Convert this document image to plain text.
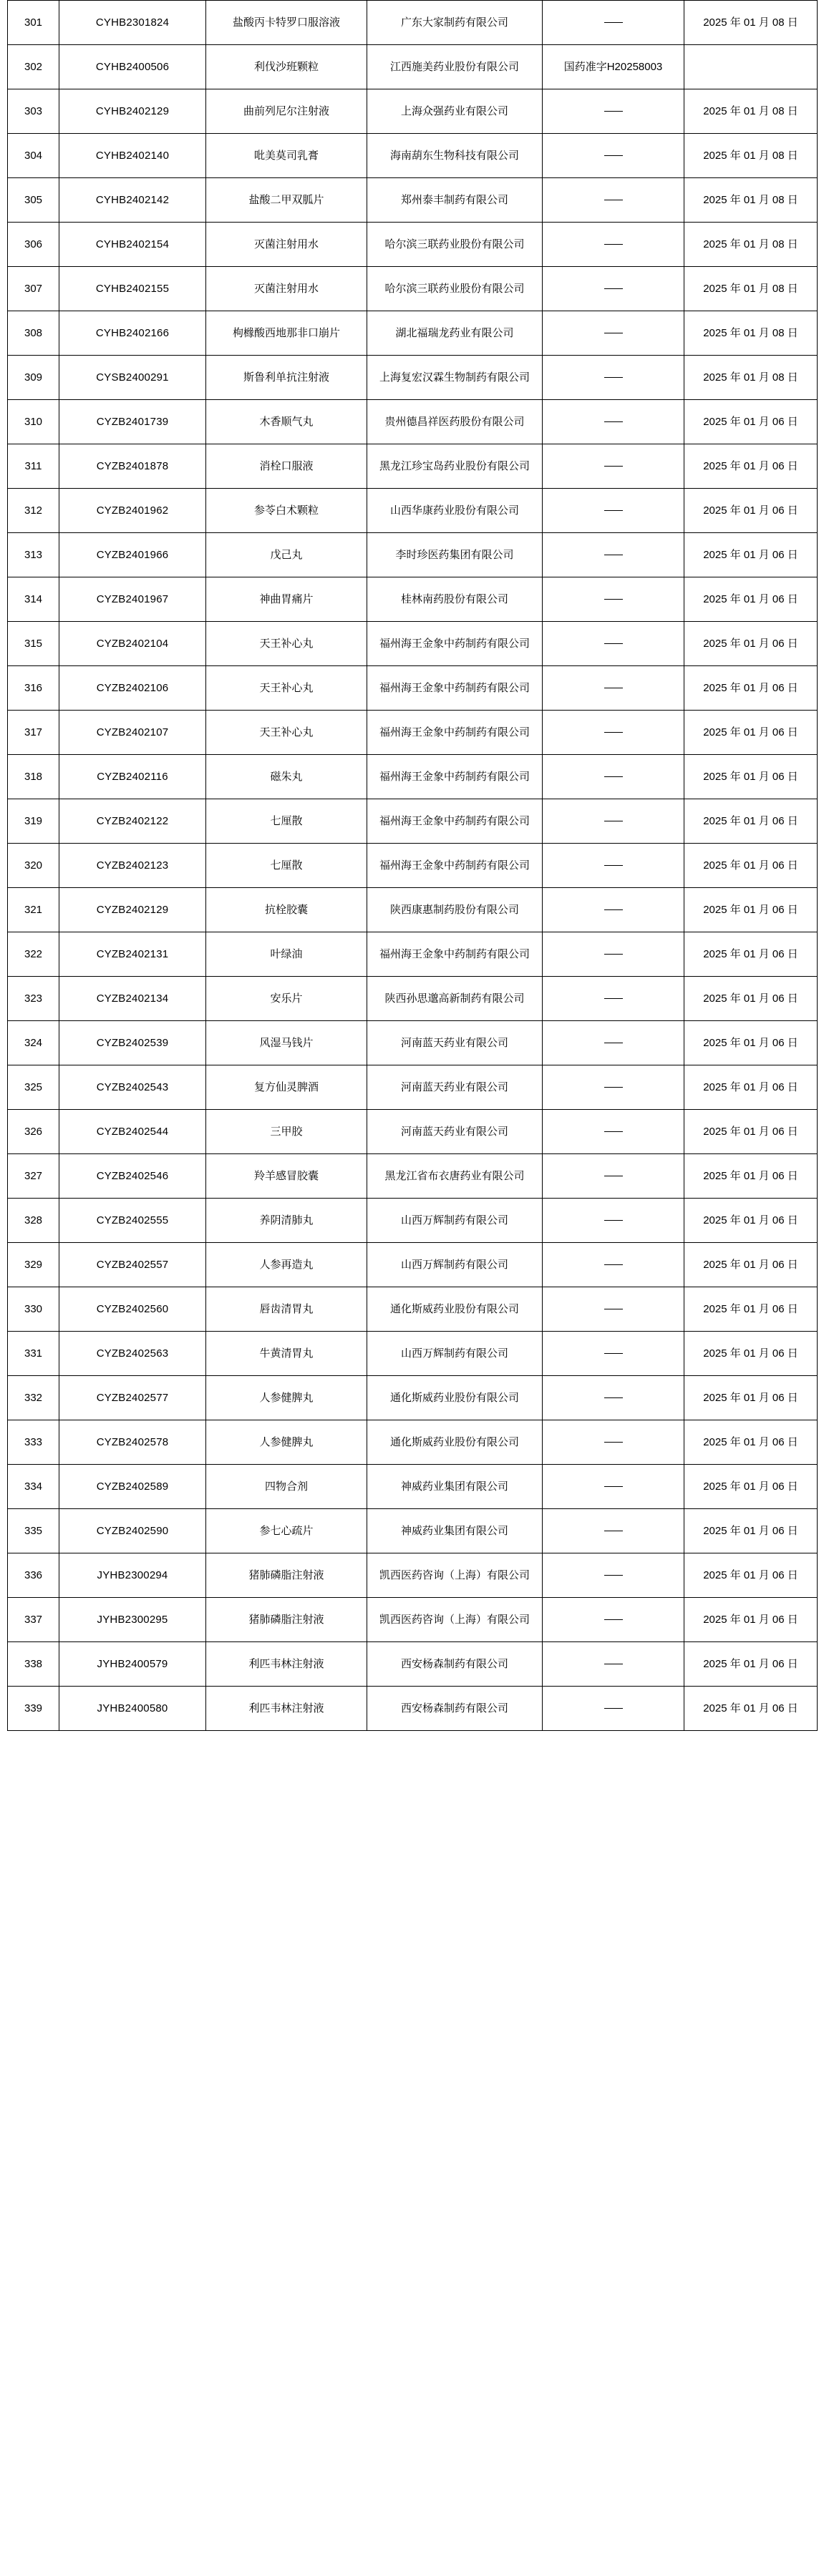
301	CYHB2301824	盐酸丙卡特罗口服溶液	广东大家制药有限公司		2025 年 01 月 08 日
302	CYHB2400506	利伐沙班颗粒	江西施美药业股份有限公司	国药准字H20258003	
303	CYHB2402129	曲前列尼尔注射液	上海众强药业有限公司		2025 年 01 月 08 日
304	CYHB2402140	吡美莫司乳膏	海南葫东生物科技有限公司		2025 年 01 月 08 日
305	CYHB2402142	盐酸二甲双胍片	郑州泰丰制药有限公司		2025 年 01 月 08 日
306	CYHB2402154	灭菌注射用水	哈尔滨三联药业股份有限公司		2025 年 01 月 08 日
307	CYHB2402155	灭菌注射用水	哈尔滨三联药业股份有限公司		2025 年 01 月 08 日
308	CYHB2402166	枸橼酸西地那非口崩片	湖北福瑞龙药业有限公司		2025 年 01 月 08 日
309	CYSB2400291	斯鲁利单抗注射液	上海复宏汉霖生物制药有限公司		2025 年 01 月 08 日
310	CYZB2401739	木香顺气丸	贵州德昌祥医药股份有限公司		2025 年 01 月 06 日
311	CYZB2401878	消栓口服液	黑龙江珍宝岛药业股份有限公司		2025 年 01 月 06 日
312	CYZB2401962	参苓白术颗粒	山西华康药业股份有限公司		2025 年 01 月 06 日
313	CYZB2401966	戊己丸	李时珍医药集团有限公司		2025 年 01 月 06 日
314	CYZB2401967	神曲胃痛片	桂林南药股份有限公司		2025 年 01 月 06 日
315	CYZB2402104	天王补心丸	福州海王金象中药制药有限公司		2025 年 01 月 06 日
316	CYZB2402106	天王补心丸	福州海王金象中药制药有限公司		2025 年 01 月 06 日
317	CYZB2402107	天王补心丸	福州海王金象中药制药有限公司		2025 年 01 月 06 日
318	CYZB2402116	磁朱丸	福州海王金象中药制药有限公司		2025 年 01 月 06 日
319	CYZB2402122	七厘散	福州海王金象中药制药有限公司		2025 年 01 月 06 日
320	CYZB2402123	七厘散	福州海王金象中药制药有限公司		2025 年 01 月 06 日
321	CYZB2402129	抗栓胶囊	陕西康惠制药股份有限公司		2025 年 01 月 06 日
322	CYZB2402131	叶绿油	福州海王金象中药制药有限公司		2025 年 01 月 06 日
323	CYZB2402134	安乐片	陕西孙思邈高新制药有限公司		2025 年 01 月 06 日
324	CYZB2402539	风湿马钱片	河南蓝天药业有限公司		2025 年 01 月 06 日
325	CYZB2402543	复方仙灵脾酒	河南蓝天药业有限公司		2025 年 01 月 06 日
326	CYZB2402544	三甲胶	河南蓝天药业有限公司		2025 年 01 月 06 日
327	CYZB2402546	羚羊感冒胶囊	黑龙江省布衣唐药业有限公司		2025 年 01 月 06 日
328	CYZB2402555	养阴清肺丸	山西万辉制药有限公司		2025 年 01 月 06 日
329	CYZB2402557	人参再造丸	山西万辉制药有限公司		2025 年 01 月 06 日
330	CYZB2402560	唇齿清胃丸	通化斯威药业股份有限公司		2025 年 01 月 06 日
331	CYZB2402563	牛黄清胃丸	山西万辉制药有限公司		2025 年 01 月 06 日
332	CYZB2402577	人参健脾丸	通化斯威药业股份有限公司		2025 年 01 月 06 日
333	CYZB2402578	人参健脾丸	通化斯威药业股份有限公司		2025 年 01 月 06 日
334	CYZB2402589	四物合剂	神威药业集团有限公司		2025 年 01 月 06 日
335	CYZB2402590	参七心疏片	神威药业集团有限公司		2025 年 01 月 06 日
336	JYHB2300294	猪肺磷脂注射液	凯西医药咨询（上海）有限公司		2025 年 01 月 06 日
337	JYHB2300295	猪肺磷脂注射液	凯西医药咨询（上海）有限公司		2025 年 01 月 06 日
338	JYHB2400579	利匹韦林注射液	西安杨森制药有限公司		2025 年 01 月 06 日
339	JYHB2400580	利匹韦林注射液	西安杨森制药有限公司		2025 年 01 月 06 日
